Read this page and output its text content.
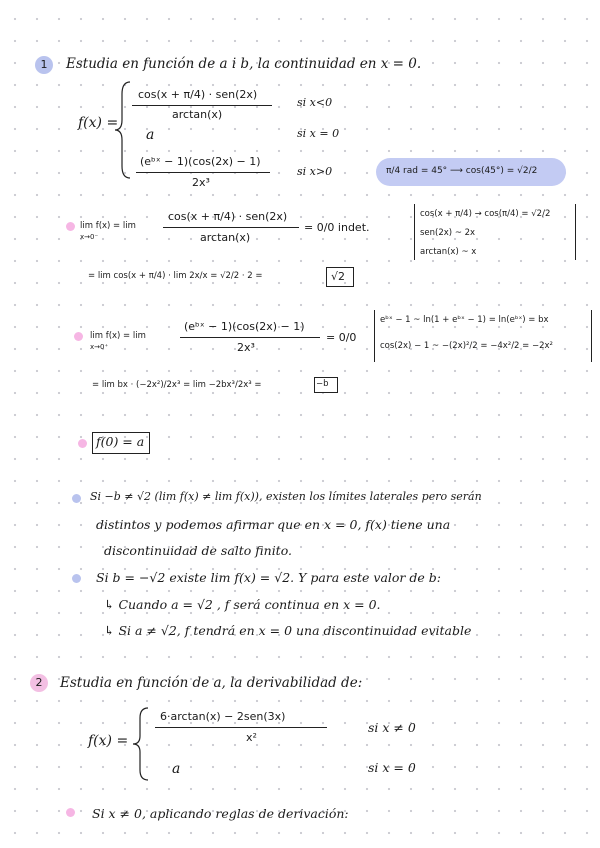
1	Estudia en función de a i b, la continuidad en x = 0.
f(x) =
cos(x + π/4) · sen(2x)
arctan(x)
si x<0
a	si x = 0
(eᵇˣ − 1)(cos(2x) − 1)
2x³
si x>0	π/4 rad = 45° ⟶ cos(45°) = √2/2
lim f(x) = lim
x→0⁻
cos(x + π/4) · sen(2x)
arctan(x)
= 0/0 indet.
cos(x + π/4) → cos(π/4) = √2/2
sen(2x) ~ 2x
arctan(x) ~ x
= lim cos(x + π/4) · lim 2x/x = √2/2 · 2 =	√2
lim f(x) = lim
x→0⁺
(eᵇˣ − 1)(cos(2x) − 1)
2x³
= 0/0
eᵇˣ − 1 ~ ln(1 + eᵇˣ − 1) = ln(eᵇˣ) = bx
cos(2x) − 1 ~ −(2x)²/2 = −4x²/2 = −2x²
= lim bx · (−2x²)/2x³ = lim −2bx³/2x³ =	−b
f(0) = a
Si −b ≠ √2 (lim f(x) ≠ lim f(x)), existen los límites laterales pero serán
distintos y podemos afirmar que en x = 0, f(x) tiene una
discontinuidad de salto finito.
Si b = −√2 existe lim f(x) = √2. Y para este valor de b:
↳ Cuando a = √2 , f será continua en x = 0.
↳ Si a ≠ √2, f tendrá en x = 0 una discontinuidad evitable
2	Estudia en función de a, la derivabilidad de:
f(x) =
6·arctan(x) − 2sen(3x)
x²
si x ≠ 0
a	si x = 0
Si x ≠ 0, aplicando reglas de derivación:
